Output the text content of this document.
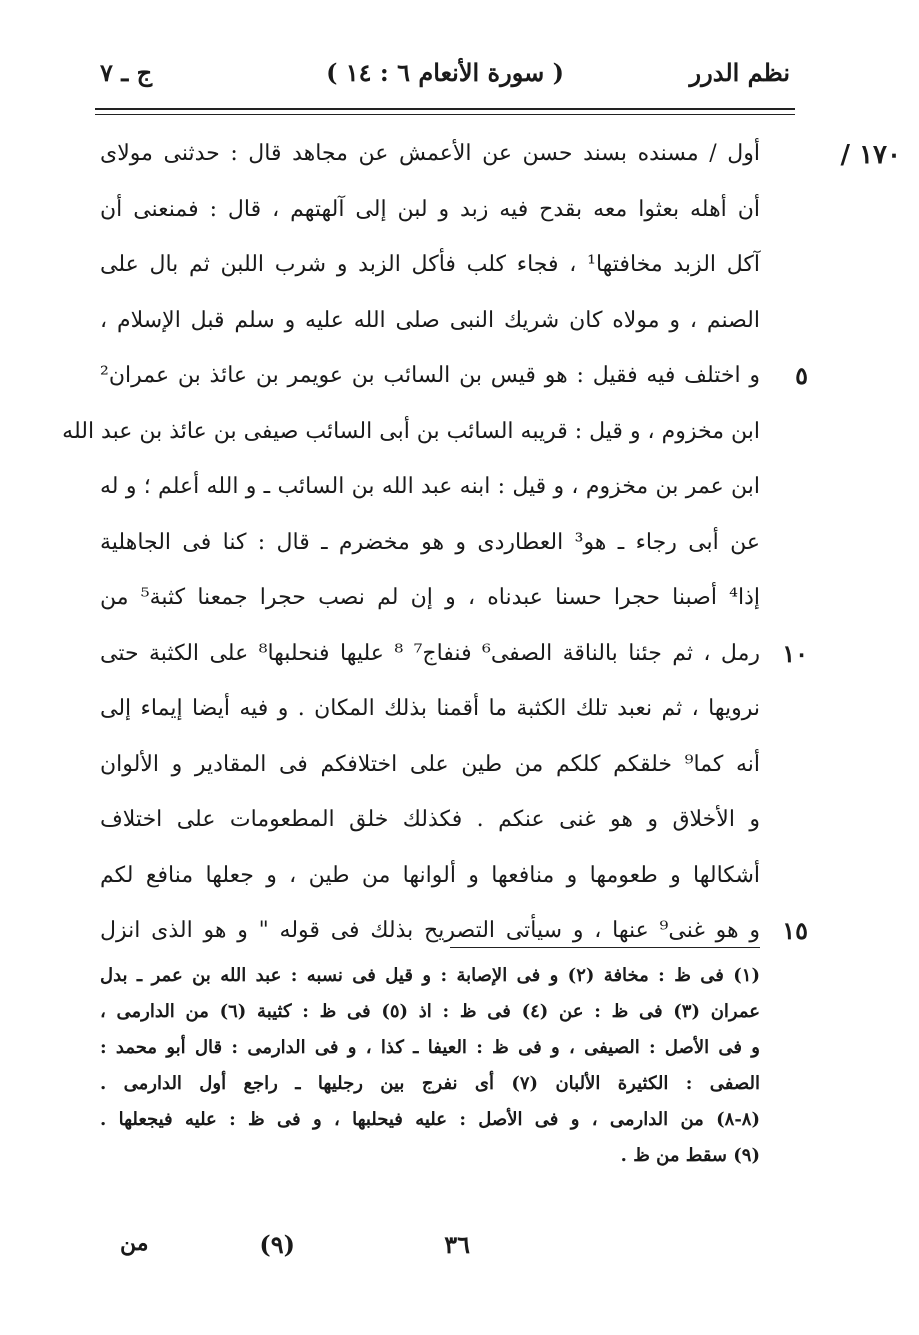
نظم الدرر
( سورة الأنعام ٦ : ١٤ )
ج ـ ٧
١٧٠ /
أول / مسنده بسند حسن عن الأعمش عن مجاهد قال : حدثنى مولاى
أن أهله بعثوا معه بقدح فيه زبد و لبن إلى آلهتهم ، قال : فمنعنى أن
آكل الزبد مخافتها¹ ، فجاء كلب فأكل الزبد و شرب اللبن ثم بال على
الصنم ، و مولاه كان شريك النبى صلى الله عليه و سلم قبل الإسلام ،
و اختلف فيه فقيل : هو قيس بن السائب بن عويمر بن عائذ بن عمران² ٥
ابن مخزوم ، و قيل : قريبه السائب بن أبى السائب صيفى بن عائذ بن عبد الله
ابن عمر بن مخزوم ، و قيل : ابنه عبد الله بن السائب ـ و الله أعلم ؛ و له
عن أبى رجاء ـ هو³ العطاردى و هو مخضرم ـ قال : كنا فى الجاهلية
إذا⁴ أصبنا حجرا حسنا عبدناه ، و إن لم نصب حجرا جمعنا كثبة⁵ من
رمل ، ثم جئنا بالناقة الصفى⁶ فنفاج⁷ ⁸ عليها فنحلبها⁸ على الكثبة حتى ١٠
نرويها ، ثم نعبد تلك الكثبة ما أقمنا بذلك المكان . و فيه أيضا إيماء إلى
أنه كما⁹ خلقكم كلكم من طين على اختلافكم فى المقادير و الألوان
و الأخلاق و هو غنى عنكم . فكذلك خلق المطعومات على اختلاف
أشكالها و طعومها و منافعها و ألوانها من طين ، و جعلها منافع لكم
و هو غنى⁹ عنها ، و سيأتى التصريح بذلك فى قوله " و هو الذى انزل ١٥
(١) فى ظ : مخافة (٢) و فى الإصابة : و قيل فى نسبه : عبد الله بن عمر ـ بدل
عمران (٣) فى ظ : عن (٤) فى ظ : اذ (٥) فى ظ : كثيبة (٦) من الدارمى ،
و فى الأصل : الصيفى ، و فى ظ : العيفا ـ كذا ، و فى الدارمى : قال أبو محمد :
الصفى : الكثيرة الألبان (٧) أى نفرج بين رجليها ـ راجع أول الدارمى .
(٨-٨) من الدارمى ، و فى الأصل : عليه فيحلبها ، و فى ظ : عليه فيجعلها .
(٩) سقط من ظ .
٣٦
(٩)
من
